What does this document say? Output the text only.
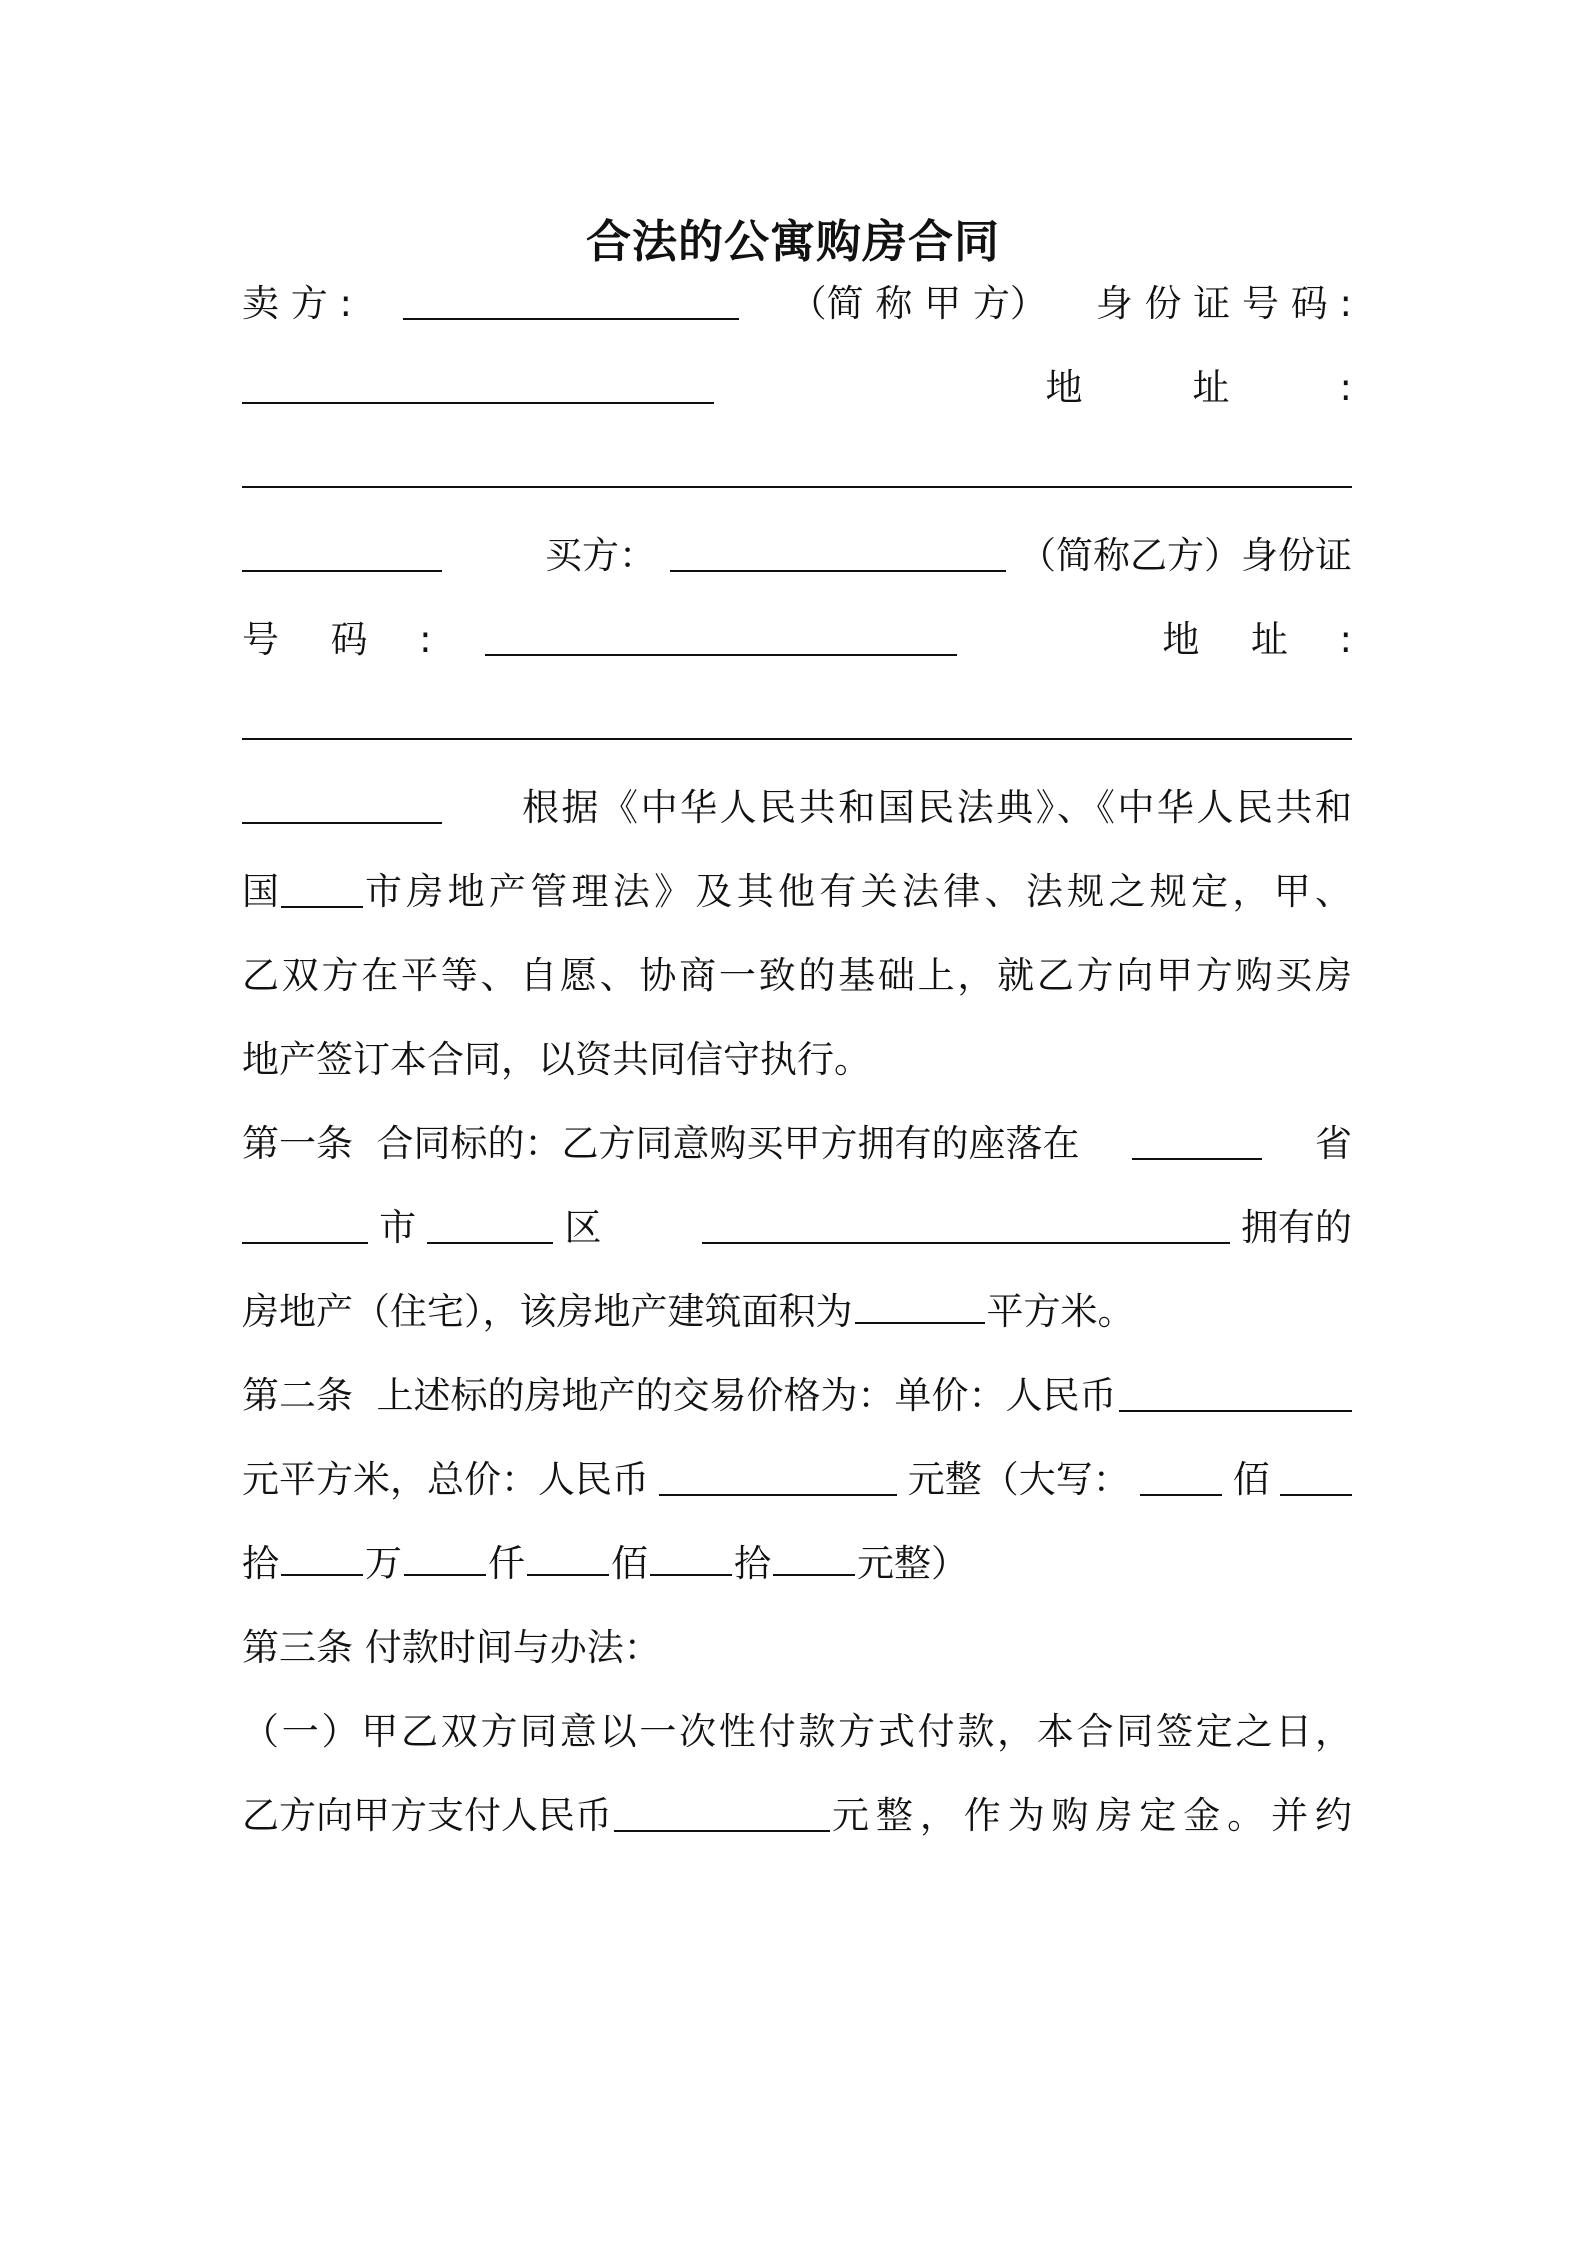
合法的公寓购房合同
卖 方 :	（简 称 甲 方） 身 份 证 号 码 :
地	址	:
买方：	（简称乙方）身份证
号 码 :	地 址 :
根据《中华人民共和国民法典》、《中华人民共和
国 市房地产管理法》及其他有关法律、法规之规定，甲、
乙双方在平等、自愿、协商一致的基础上，就乙方向甲方购买房
地产签订本合同，以资共同信守执行。
第一条  合同标的：乙方同意购买甲方拥有的座落在	省
市	区	拥有的
房地产（住宅），该房地产建筑面积为	平方米。
第二条  上述标的房地产的交易价格为：单价：人民币
元平方米，总价：人民币	元整（大写：	佰
拾 万 仟 佰 拾 元整）
第三条 付款时间与办法：
（一）甲乙双方同意以一次性付款方式付款，本合同签定之日，
乙方向甲方支付人民币	元整，作为购房定金。并约
